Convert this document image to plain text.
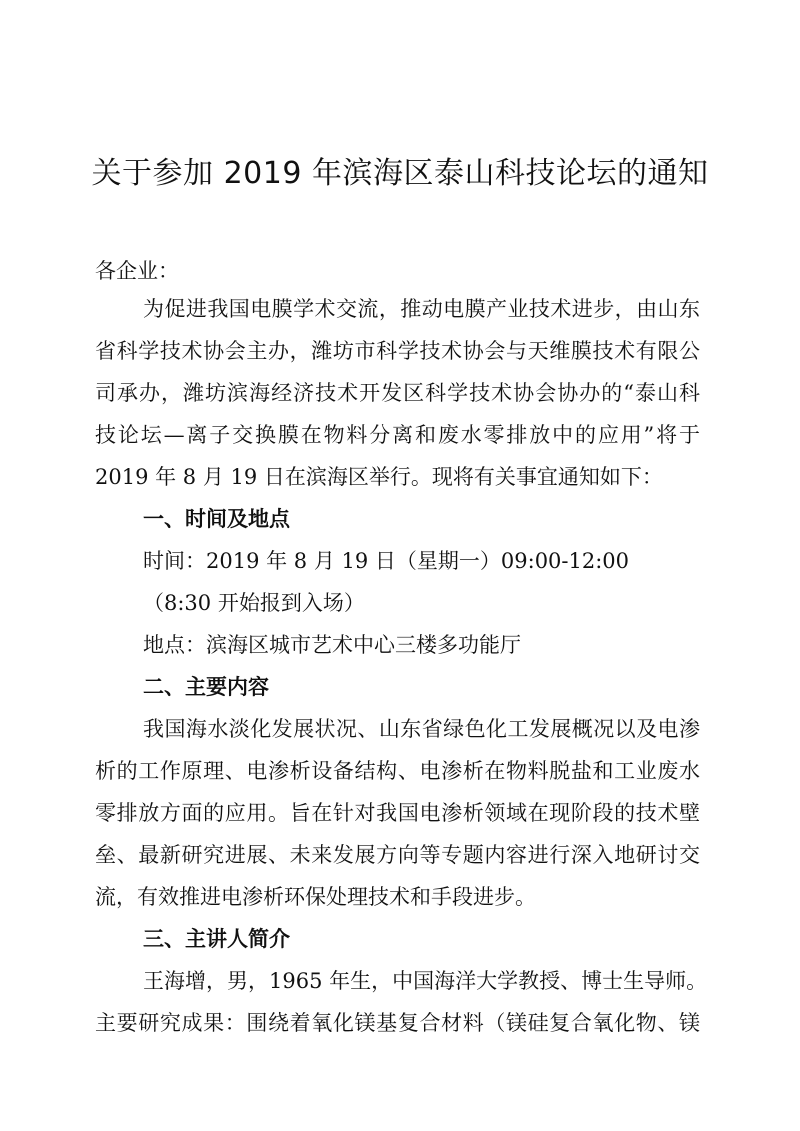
关于参加 2019 年滨海区泰山科技论坛的通知
各企业：
为促进我国电膜学术交流，推动电膜产业技术进步，由山东
省科学技术协会主办，潍坊市科学技术协会与天维膜技术有限公
司承办，潍坊滨海经济技术开发区科学技术协会协办的“泰山科
技论坛—离子交换膜在物料分离和废水零排放中的应用”将于
2019 年 8 月 19 日在滨海区举行。现将有关事宜通知如下：
一、时间及地点
时间：2019 年 8 月 19 日（星期一）09:00-12:00
（8:30 开始报到入场）
地点：滨海区城市艺术中心三楼多功能厅
二、主要内容
我国海水淡化发展状况、山东省绿色化工发展概况以及电渗
析的工作原理、电渗析设备结构、电渗析在物料脱盐和工业废水
零排放方面的应用。旨在针对我国电渗析领域在现阶段的技术壁
垒、最新研究进展、未来发展方向等专题内容进行深入地研讨交
流，有效推进电渗析环保处理技术和手段进步。
三、主讲人简介
王海增，男，1965 年生，中国海洋大学教授、博士生导师。
主要研究成果：围绕着氧化镁基复合材料（镁硅复合氧化物、镁
